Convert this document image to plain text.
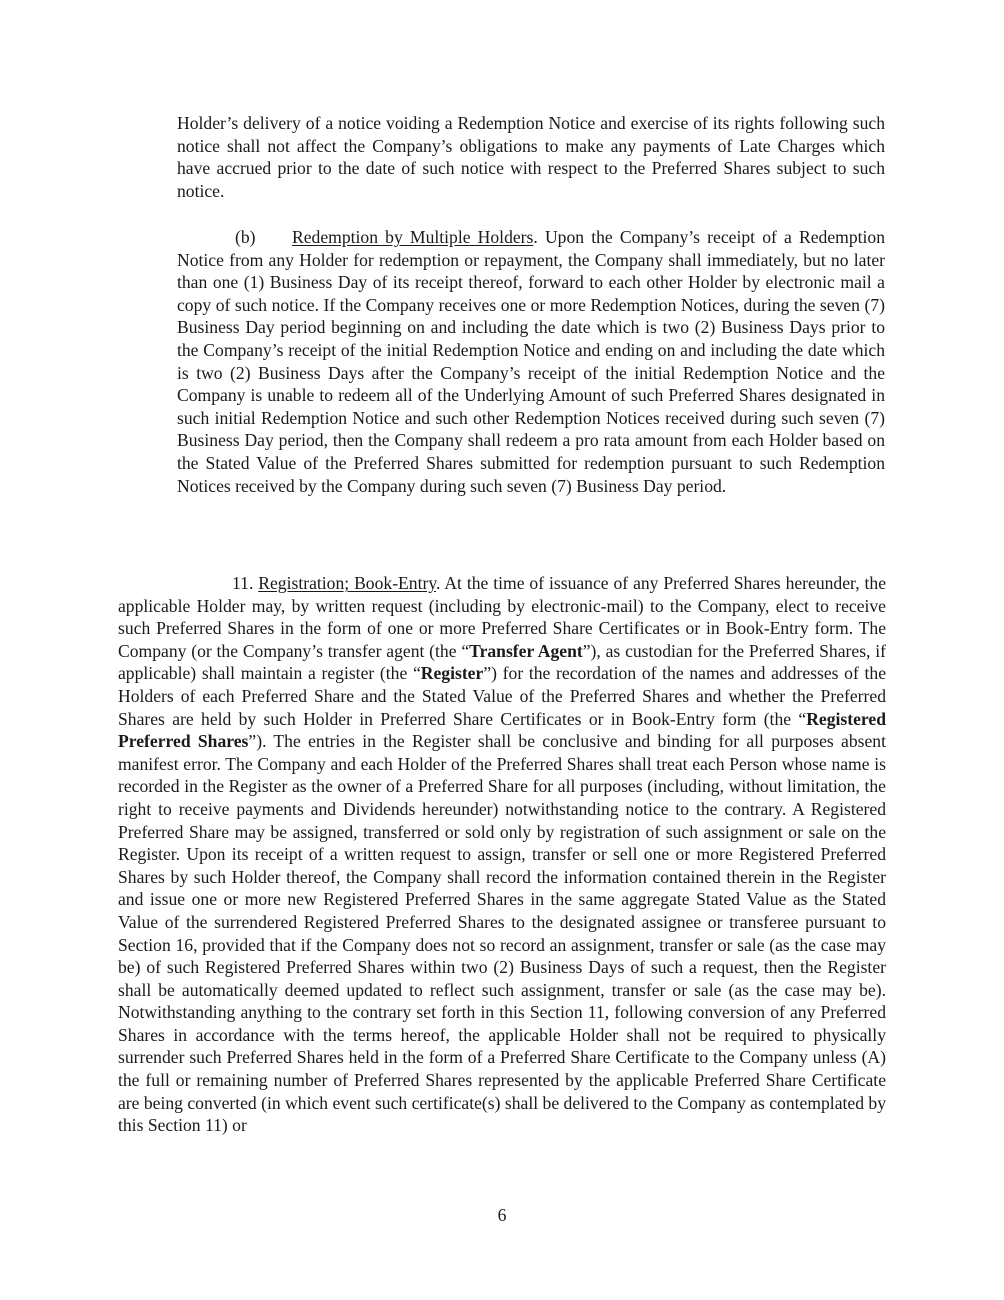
Holder’s delivery of a notice voiding a Redemption Notice and exercise of its rights following such notice shall not affect the Company’s obligations to make any payments of Late Charges which have accrued prior to the date of such notice with respect to the Preferred Shares subject to such notice.

(b) Redemption by Multiple Holders. Upon the Company’s receipt of a Redemption Notice from any Holder for redemption or repayment, the Company shall immediately, but no later than one (1) Business Day of its receipt thereof, forward to each other Holder by electronic mail a copy of such notice. If the Company receives one or more Redemption Notices, during the seven (7) Business Day period beginning on and including the date which is two (2) Business Days prior to the Company’s receipt of the initial Redemption Notice and ending on and including the date which is two (2) Business Days after the Company’s receipt of the initial Redemption Notice and the Company is unable to redeem all of the Underlying Amount of such Preferred Shares designated in such initial Redemption Notice and such other Redemption Notices received during such seven (7) Business Day period, then the Company shall redeem a pro rata amount from each Holder based on the Stated Value of the Preferred Shares submitted for redemption pursuant to such Redemption Notices received by the Company during such seven (7) Business Day period.

11. Registration; Book-Entry. At the time of issuance of any Preferred Shares hereunder, the applicable Holder may, by written request (including by electronic-mail) to the Company, elect to receive such Preferred Shares in the form of one or more Preferred Share Certificates or in Book-Entry form. The Company (or the Company’s transfer agent (the “Transfer Agent”), as custodian for the Preferred Shares, if applicable) shall maintain a register (the “Register”) for the recordation of the names and addresses of the Holders of each Preferred Share and the Stated Value of the Preferred Shares and whether the Preferred Shares are held by such Holder in Preferred Share Certificates or in Book-Entry form (the “Registered Preferred Shares”). The entries in the Register shall be conclusive and binding for all purposes absent manifest error. The Company and each Holder of the Preferred Shares shall treat each Person whose name is recorded in the Register as the owner of a Preferred Share for all purposes (including, without limitation, the right to receive payments and Dividends hereunder) notwithstanding notice to the contrary. A Registered Preferred Share may be assigned, transferred or sold only by registration of such assignment or sale on the Register. Upon its receipt of a written request to assign, transfer or sell one or more Registered Preferred Shares by such Holder thereof, the Company shall record the information contained therein in the Register and issue one or more new Registered Preferred Shares in the same aggregate Stated Value as the Stated Value of the surrendered Registered Preferred Shares to the designated assignee or transferee pursuant to Section 16, provided that if the Company does not so record an assignment, transfer or sale (as the case may be) of such Registered Preferred Shares within two (2) Business Days of such a request, then the Register shall be automatically deemed updated to reflect such assignment, transfer or sale (as the case may be). Notwithstanding anything to the contrary set forth in this Section 11, following conversion of any Preferred Shares in accordance with the terms hereof, the applicable Holder shall not be required to physically surrender such Preferred Shares held in the form of a Preferred Share Certificate to the Company unless (A) the full or remaining number of Preferred Shares represented by the applicable Preferred Share Certificate are being converted (in which event such certificate(s) shall be delivered to the Company as contemplated by this Section 11) or

6
